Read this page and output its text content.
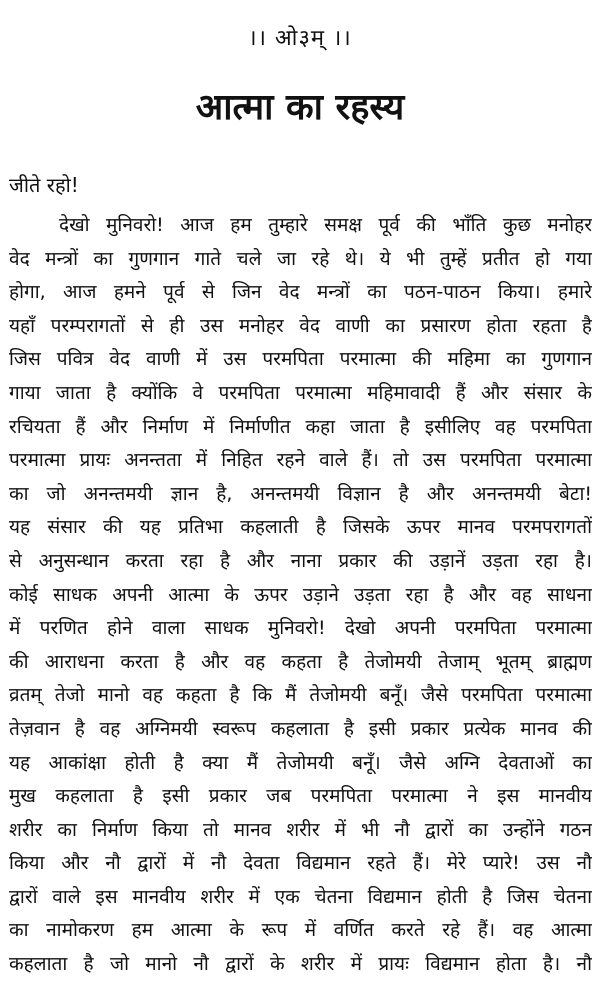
।। ओ३म् ।।
आत्मा का रहस्य
जीते रहो!
देखो मुनिवरो! आज हम तुम्हारे समक्ष पूर्व की भाँति कुछ मनोहर
वेद मन्त्रों का गुणगान गाते चले जा रहे थे। ये भी तुम्हें प्रतीत हो गया
होगा, आज हमने पूर्व से जिन वेद मन्त्रों का पठन-पाठन किया। हमारे
यहाँ परम्परागतों से ही उस मनोहर वेद वाणी का प्रसारण होता रहता है
जिस पवित्र वेद वाणी में उस परमपिता परमात्मा की महिमा का गुणगान
गाया जाता है क्योंकि वे परमपिता परमात्मा महिमावादी हैं और संसार के
रचियता हैं और निर्माण में निर्माणीत कहा जाता है इसीलिए वह परमपिता
परमात्मा प्रायः अनन्तता में निहित रहने वाले हैं। तो उस परमपिता परमात्मा
का जो अनन्तमयी ज्ञान है, अनन्तमयी विज्ञान है और अनन्तमयी बेटा!
यह संसार की यह प्रतिभा कहलाती है जिसके ऊपर मानव परमपरागतों
से अनुसन्धान करता रहा है और नाना प्रकार की उड़ानें उड़ता रहा है।
कोई साधक अपनी आत्मा के ऊपर उड़ाने उड़ता रहा है और वह साधना
में परणित होने वाला साधक मुनिवरो! देखो अपनी परमपिता परमात्मा
की आराधना करता है और वह कहता है तेजोमयी तेजाम् भूतम् ब्राह्मण
व्रतम् तेजो मानो वह कहता है कि मैं तेजोमयी बनूँ। जैसे परमपिता परमात्मा
तेज़वान है वह अग्निमयी स्वरूप कहलाता है इसी प्रकार प्रत्येक मानव की
यह आकांक्षा होती है क्या मैं तेजोमयी बनूँ। जैसे अग्नि देवताओं का
मुख कहलाता है इसी प्रकार जब परमपिता परमात्मा ने इस मानवीय
शरीर का निर्माण किया तो मानव शरीर में भी नौ द्वारों का उन्होंने गठन
किया और नौ द्वारों में नौ देवता विद्यमान रहते हैं। मेरे प्यारे! उस नौ
द्वारों वाले इस मानवीय शरीर में एक चेतना विद्यमान होती है जिस चेतना
का नामोकरण हम आत्मा के रूप में वर्णित करते रहे हैं। वह आत्मा
कहलाता है जो मानो नौ द्वारों के शरीर में प्रायः विद्यमान होता है। नौ
